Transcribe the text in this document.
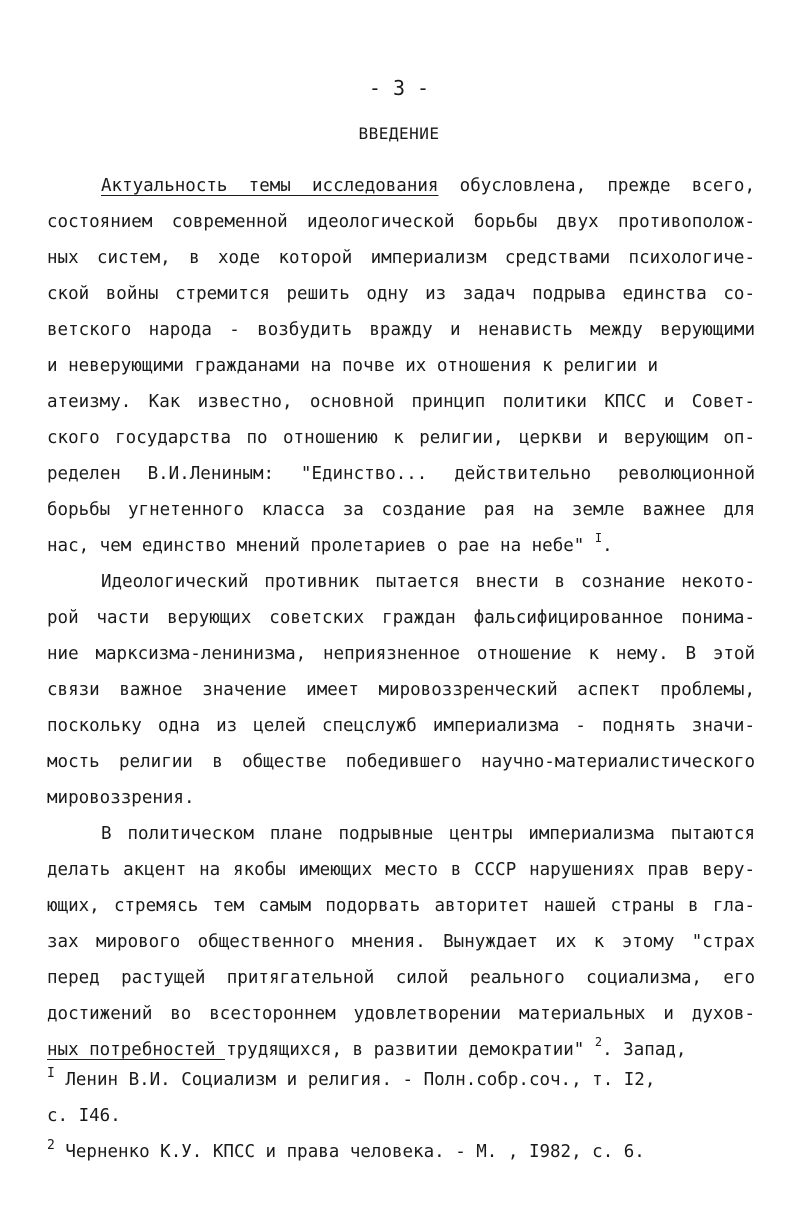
- 3 -
ВВЕДЕНИЕ
Актуальность темы исследования обусловлена, прежде всего,
состоянием современной идеологической борьбы двух противополож-
ных систем, в ходе которой империализм средствами психологиче-
ской войны стремится решить одну из задач подрыва единства со-
ветского народа - возбудить вражду и ненависть между верующими
и неверующими гражданами на почве их отношения к религии и
атеизму. Как известно, основной принцип политики КПСС и Совет-
ского государства по отношению к религии, церкви и верующим оп-
ределен В.И.Лениным: "Единство... действительно революционной
борьбы угнетенного класса за создание рая на земле важнее для
нас, чем единство мнений пролетариев о рае на небе" $^I$.
Идеологический противник пытается внести в сознание некото-
рой части верующих советских граждан фальсифицированное понима-
ние марксизма-ленинизма, неприязненное отношение к нему. В этой
связи важное значение имеет мировоззренческий аспект проблемы,
поскольку одна из целей спецслужб империализма - поднять значи-
мость религии в обществе победившего научно-материалистического
мировоззрения.
В политическом плане подрывные центры империализма пытаются
делать акцент на якобы имеющих место в СССР нарушениях прав веру-
ющих, стремясь тем самым подорвать авторитет нашей страны в гла-
зах мирового общественного мнения. Вынуждает их к этому "страх
перед растущей притягательной силой реального социализма, его
достижений во всестороннем удовлетворении материальных и духов-
ных потребностей трудящихся, в развитии демократии" $^2$. Запад,
$^I$ Ленин В.И. Социализм и религия. - Полн.собр.соч., т. I2,
с. I46.
$^2$ Черненко К.У. КПСС и права человека. - М. , I982, с. 6.
